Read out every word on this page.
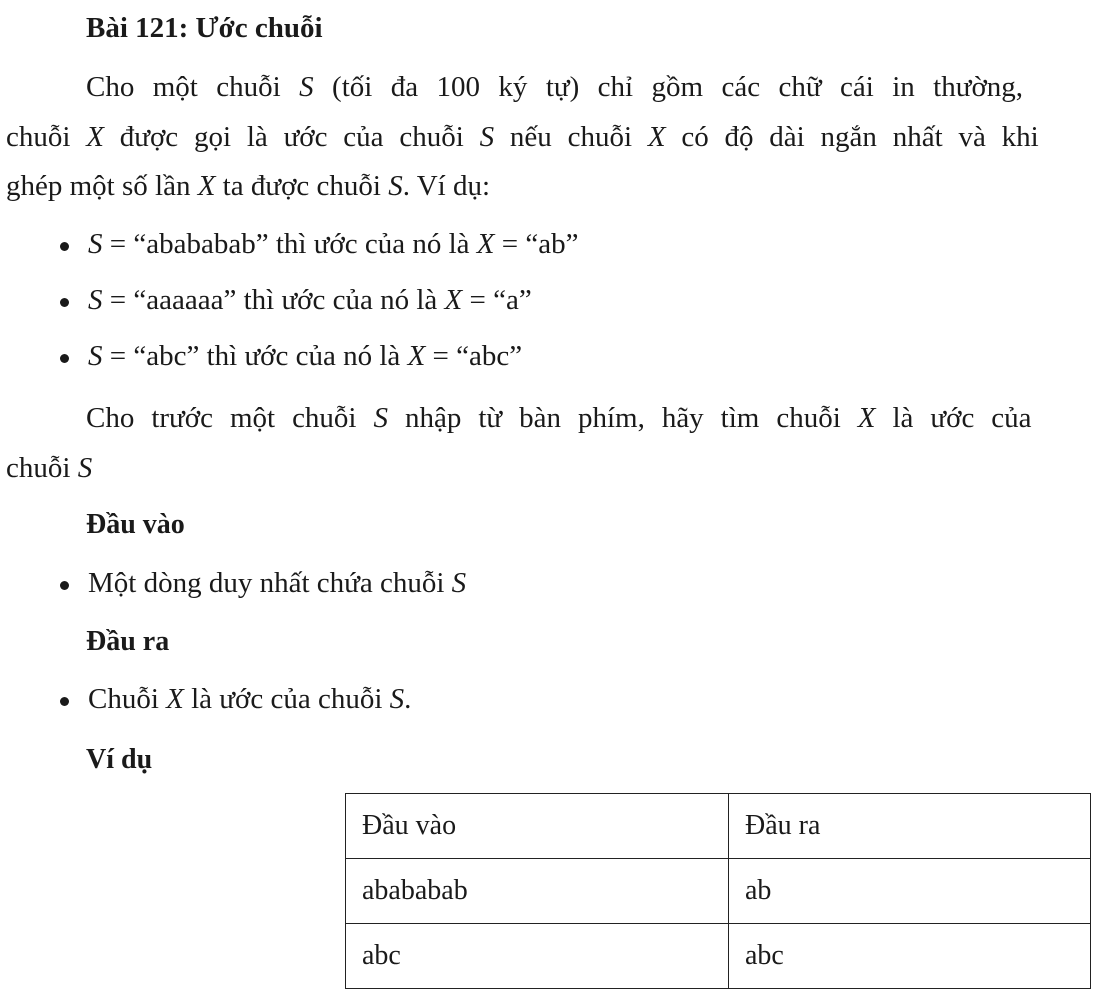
Bài 121: Ước chuỗi
Cho một chuỗi S (tối đa 100 ký tự) chỉ gồm các chữ cái in thường,
chuỗi X được gọi là ước của chuỗi S nếu chuỗi X có độ dài ngắn nhất và khi
ghép một số lần X ta được chuỗi S. Ví dụ:
S = “abababab” thì ước của nó là X = “ab”
S = “aaaaaa” thì ước của nó là X = “a”
S = “abc” thì ước của nó là X = “abc”
Cho trước một chuỗi S nhập từ bàn phím, hãy tìm chuỗi X là ước của
chuỗi S
Đầu vào
Một dòng duy nhất chứa chuỗi S
Đầu ra
Chuỗi X là ước của chuỗi S.
Ví dụ
Đầu vào	Đầu ra
abababab	ab
abc	abc
